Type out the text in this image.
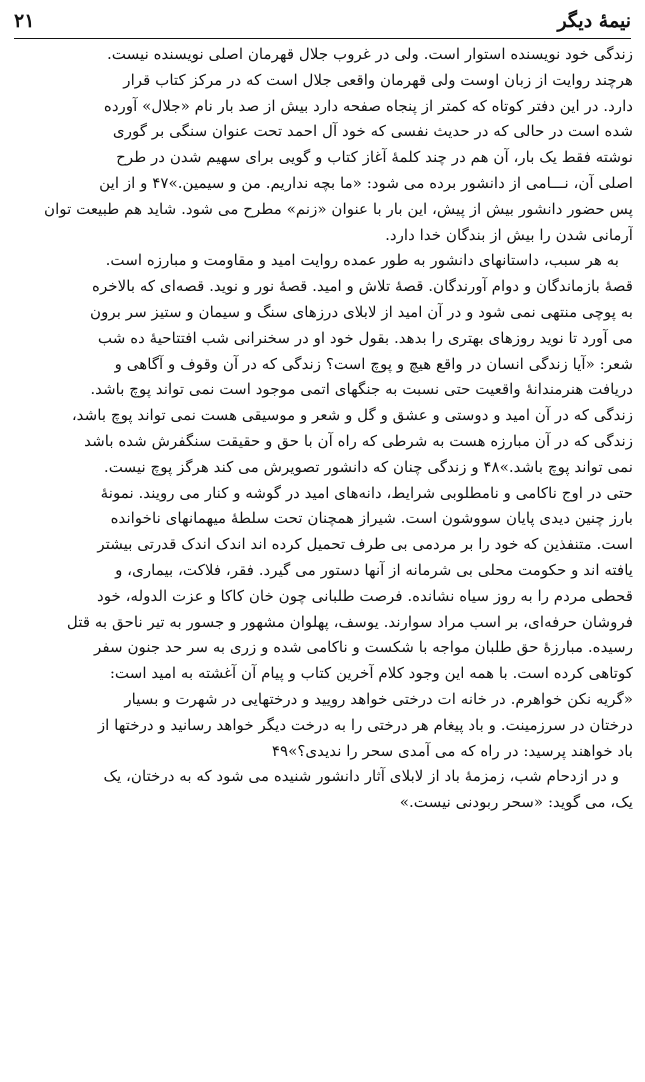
نیمهٔ دیگر
۲۱
زندگی خود نویسنده استوار است. ولی در غروب جلال قهرمان اصلی نویسنده نیست.
هرچند روایت از زبان اوست ولی قهرمان واقعی جلال است که در مرکز کتاب قرار
دارد. در این دفتر کوتاه که کمتر از پنجاه صفحه دارد بیش از صد بار نام «جلال» آورده
شده است در حالی که در حدیث نفسی که خود آل احمد تحت عنوان سنگی بر گوری
نوشته فقط یک بار، آن هم در چند کلمهٔ آغاز کتاب و گویی برای سهیم شدن در طرح
اصلی آن، نـــامی از دانشور برده می شود: «ما بچه نداریم. من و سیمین.»۴۷ و از این
پس حضور دانشور بیش از پیش، این بار با عنوان «زنم» مطرح می شود. شاید هم طبیعت توان
آرمانی شدن را بیش از بندگان خدا دارد.
به هر سبب، داستانهای دانشور به طور عمده روایت امید و مقاومت و مبارزه است.
قصهٔ بازماندگان و دوام آورندگان. قصهٔ تلاش و امید. قصهٔ نور و نوید. قصه‌ای که بالاخره
به پوچی منتهی نمی شود و در آن امید از لابلای درزهای سنگ و سیمان و ستیز سر برون
می آورد تا نوید روزهای بهتری را بدهد. بقول خود او در سخنرانی شب افتتاحیهٔ ده شب
شعر: «آیا زندگی انسان در واقع هیچ و پوچ است؟ زندگی که در آن وقوف و آگاهی و
دریافت هنرمندانهٔ واقعیت حتی نسبت به جنگهای اتمی موجود است نمی تواند پوچ باشد.
زندگی که در آن امید و دوستی و عشق و گل و شعر و موسیقی هست نمی تواند پوچ باشد،
زندگی که در آن مبارزه هست به شرطی که راه آن با حق و حقیقت سنگفرش شده باشد
نمی تواند پوچ باشد.»۴۸ و زندگی چنان که دانشور تصویرش می کند هرگز پوچ نیست.
حتی در اوج ناکامی و نامطلوبی شرایط، دانه‌های امید در گوشه و کنار می رویند. نمونهٔ
بارز چنین دیدی پایان سووشون است. شیراز همچنان تحت سلطهٔ میهمانهای ناخوانده
است. متنفذین که خود را بر مردمی بی طرف تحمیل کرده اند اندک اندک قدرتی بیشتر
یافته اند و حکومت محلی بی شرمانه از آنها دستور می گیرد. فقر، فلاکت، بیماری، و
قحطی مردم را به روز سیاه نشانده. فرصت طلبانی چون خان کاکا و عزت الدوله، خود
فروشان حرفه‌ای، بر اسب مراد سوارند. یوسف، پهلوان مشهور و جسور به تیر ناحق به قتل
رسیده. مبارزهٔ حق طلبان مواجه با شکست و ناکامی شده و زری به سر حد جنون سفر
کوتاهی کرده است. با همه این وجود کلام آخرین کتاب و پیام آن آغشته به امید است:
«گریه نکن خواهرم. در خانه ات درختی خواهد رویید و درختهایی در شهرت و بسیار
درختان در سرزمینت. و باد پیغام هر درختی را به درخت دیگر خواهد رسانید و درختها از
باد خواهند پرسید: در راه که می آمدی سحر را ندیدی؟»۴۹
و در ازدحام شب، زمزمهٔ باد از لابلای آثار دانشور شنیده می شود که به درختان، یک
یک، می گوید: «سحر ربودنی نیست.»
